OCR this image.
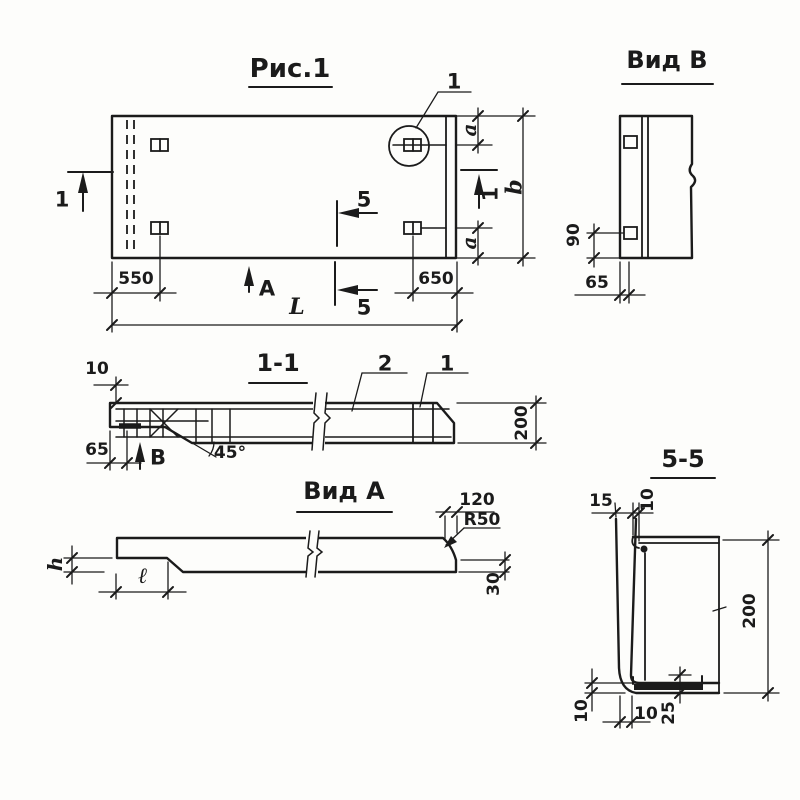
Рис.1	1
1	1
5
5
А
550	650
L
a
a
b
Вид В
90
65
1-1	2 1
10
65 В	45°
200
Вид А	120
R50
30
h	ℓ
5-5
15 10
200
10 10 25
